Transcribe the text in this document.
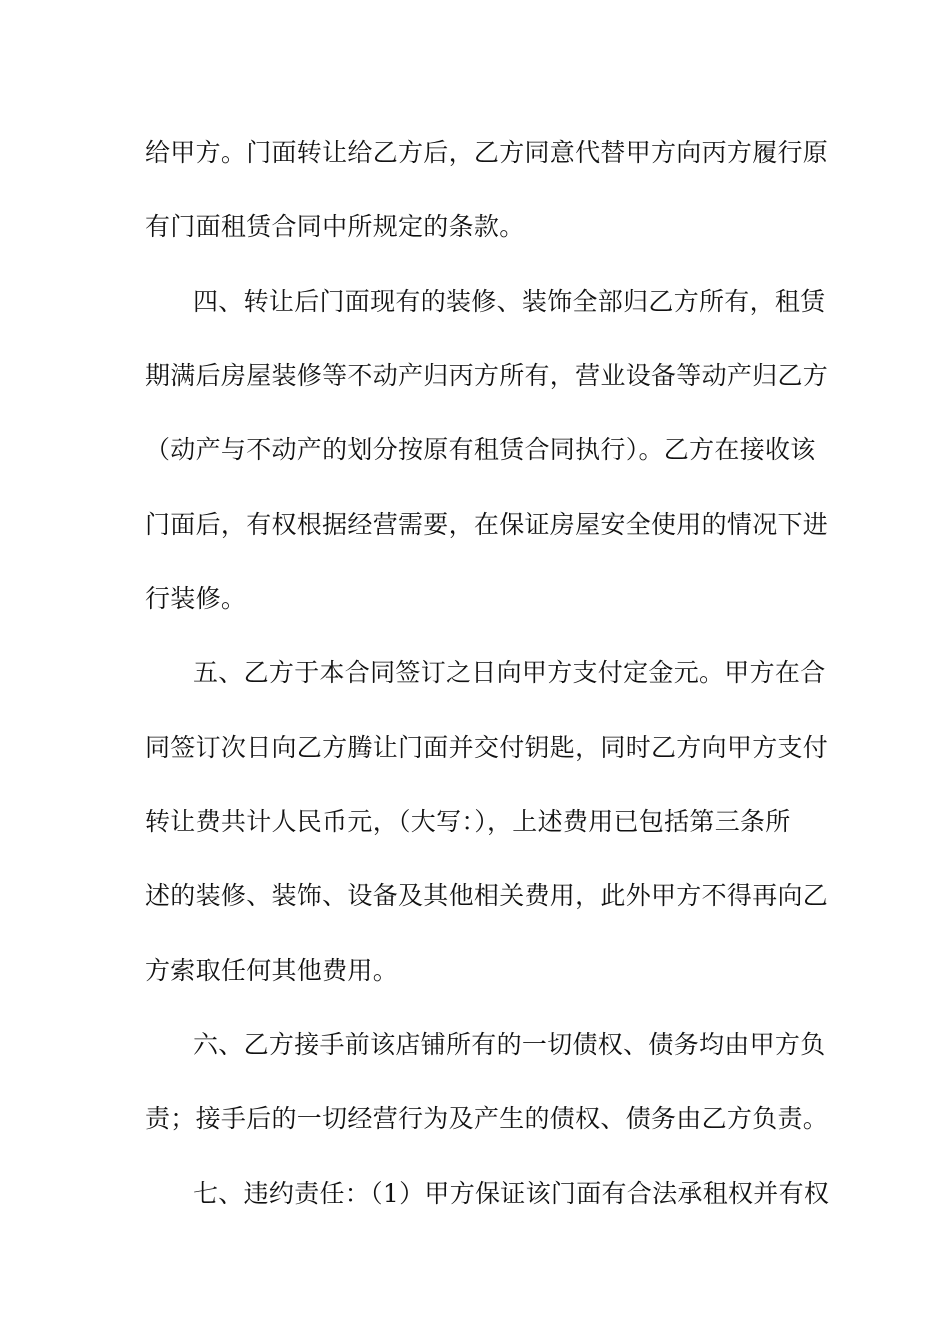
给甲方。门面转让给乙方后，乙方同意代替甲方向丙方履行原
有门面租赁合同中所规定的条款。
四、转让后门面现有的装修、装饰全部归乙方所有，租赁
期满后房屋装修等不动产归丙方所有，营业设备等动产归乙方
（动产与不动产的划分按原有租赁合同执行）。乙方在接收该
门面后，有权根据经营需要，在保证房屋安全使用的情况下进
行装修。
五、乙方于本合同签订之日向甲方支付定金元。甲方在合
同签订次日向乙方腾让门面并交付钥匙，同时乙方向甲方支付
转让费共计人民币元，（大写：），上述费用已包括第三条所
述的装修、装饰、设备及其他相关费用，此外甲方不得再向乙
方索取任何其他费用。
六、乙方接手前该店铺所有的一切债权、债务均由甲方负
责；接手后的一切经营行为及产生的债权、债务由乙方负责。
七、违约责任：（1）甲方保证该门面有合法承租权并有权
